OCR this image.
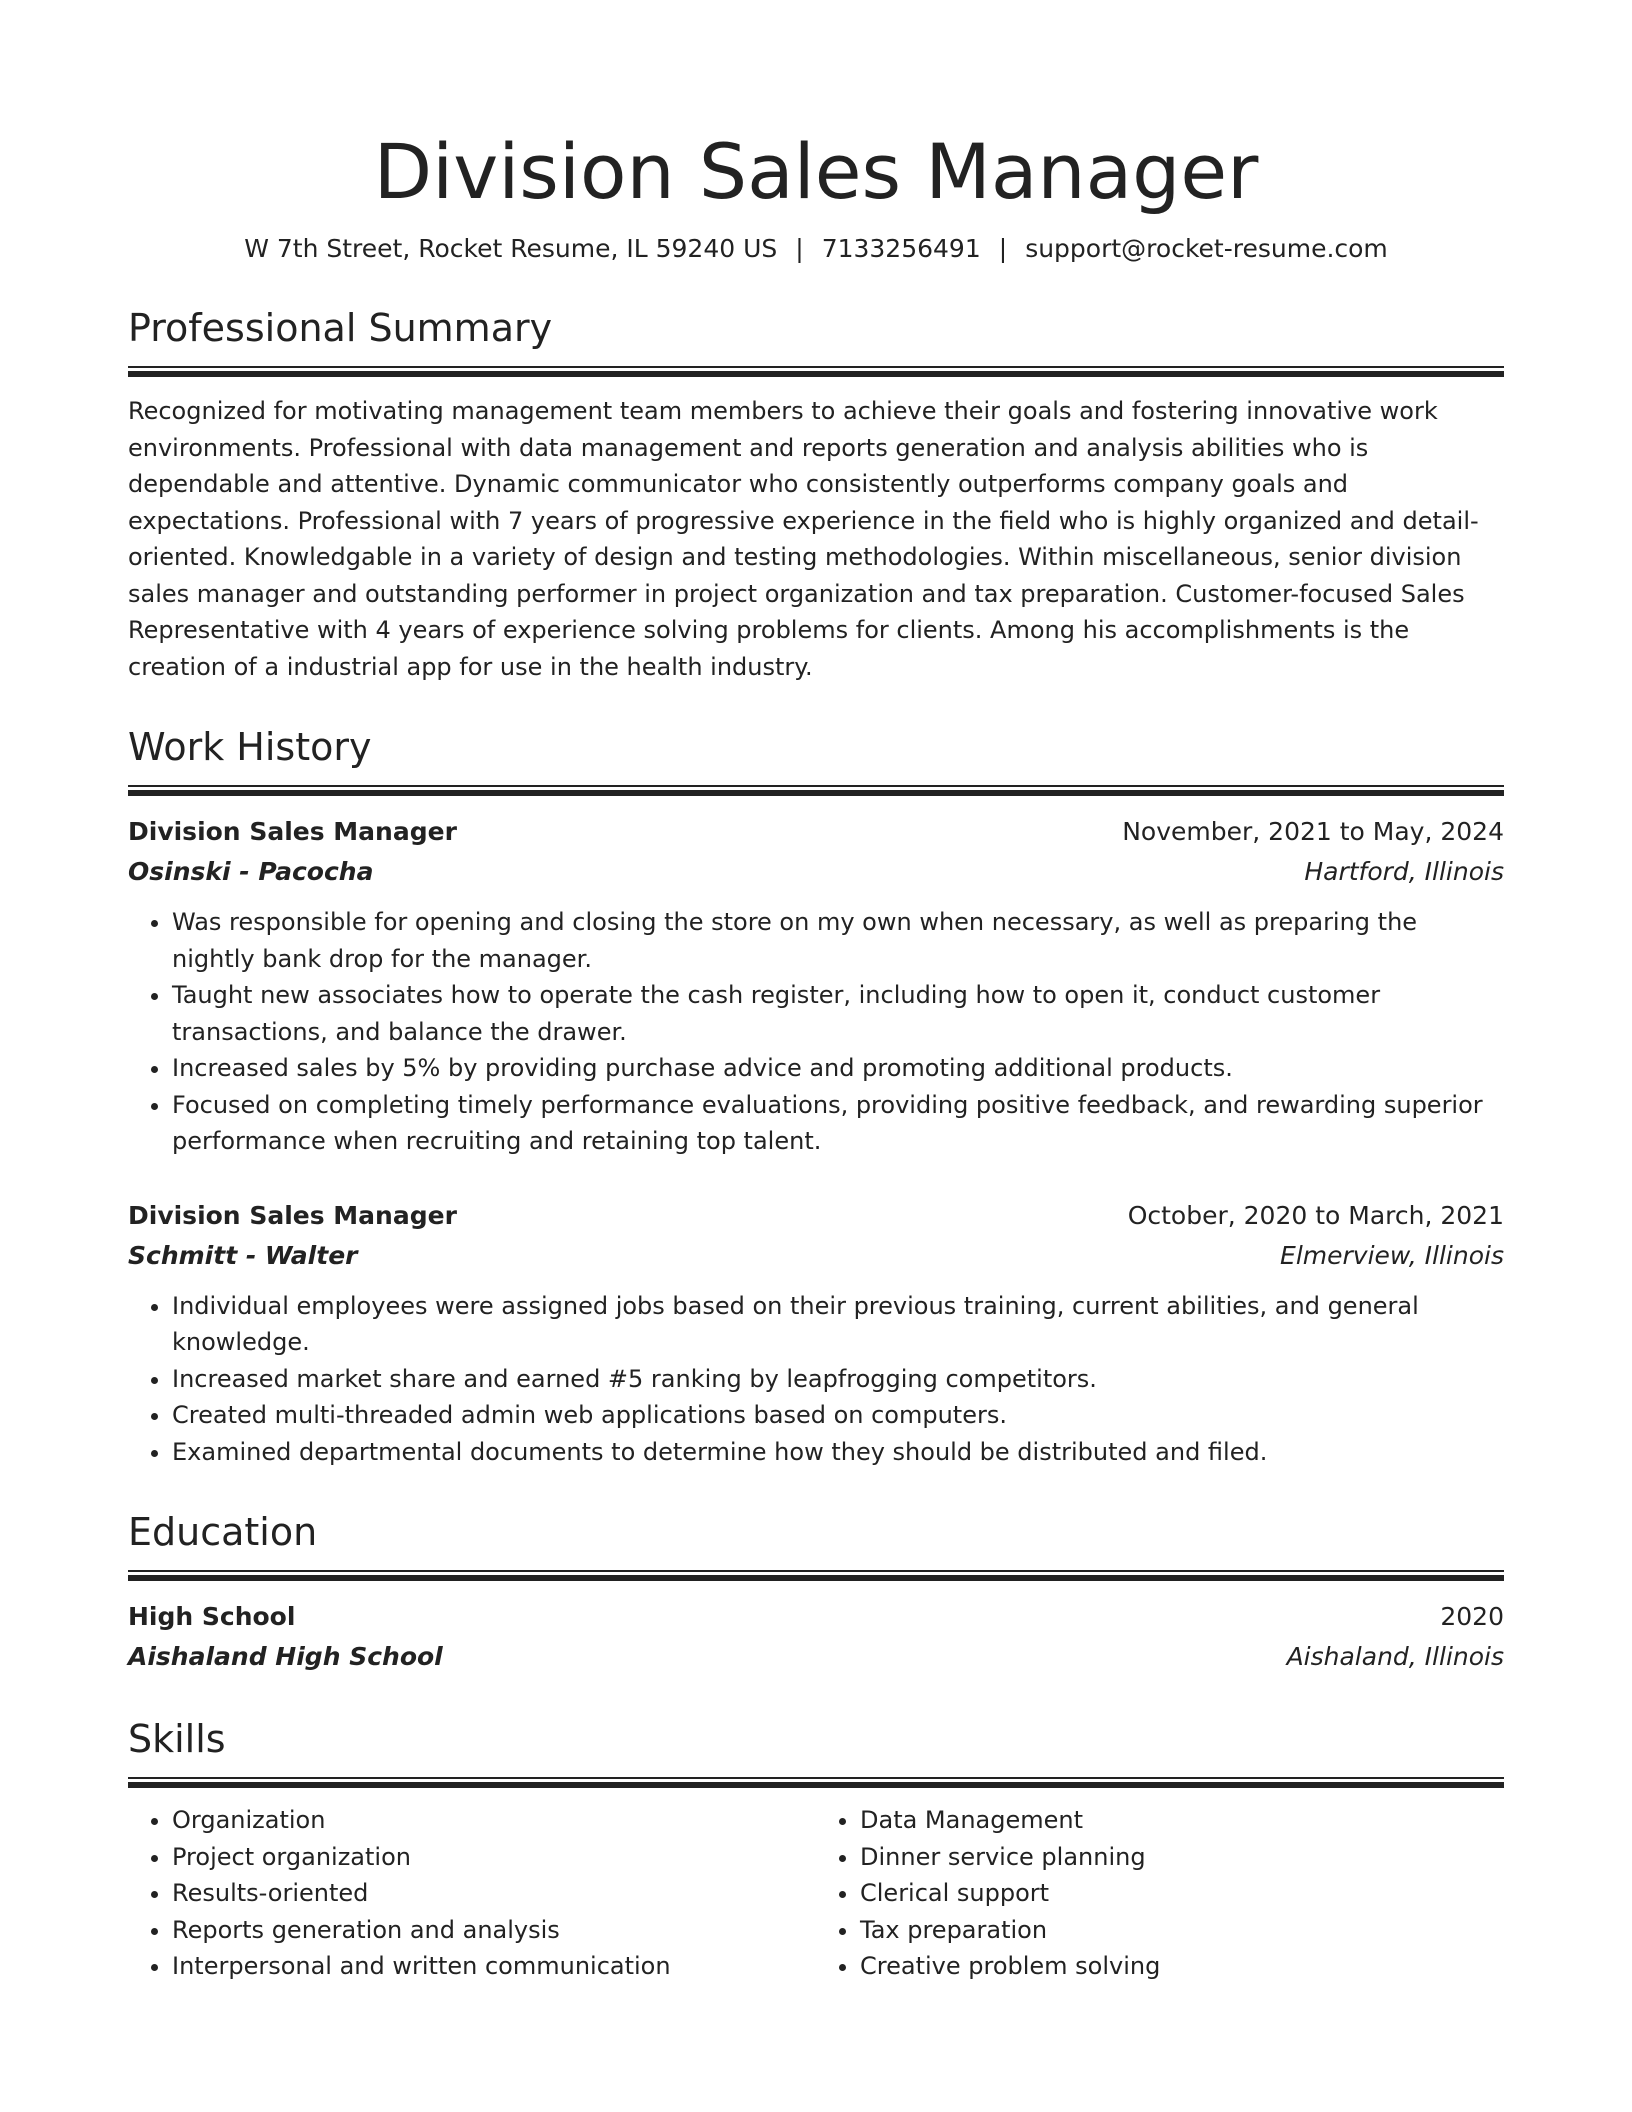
Division Sales Manager
W 7th Street, Rocket Resume, IL 59240 US | 7133256491 | support@rocket-resume.com
Professional Summary

Recognized for motivating management team members to achieve their goals and fostering innovative work environments. Professional with data management and reports generation and analysis abilities who is dependable and attentive. Dynamic communicator who consistently outperforms company goals and expectations. Professional with 7 years of progressive experience in the field who is highly organized and detail-oriented. Knowledgable in a variety of design and testing methodologies. Within miscellaneous, senior division sales manager and outstanding performer in project organization and tax preparation. Customer-focused Sales Representative with 4 years of experience solving problems for clients. Among his accomplishments is the creation of a industrial app for use in the health industry.

Work History
Division Sales Manager	November, 2021 to May, 2024
Osinski - Pacocha	Hartford, Illinois
• Was responsible for opening and closing the store on my own when necessary, as well as preparing the nightly bank drop for the manager.
• Taught new associates how to operate the cash register, including how to open it, conduct customer transactions, and balance the drawer.
• Increased sales by 5% by providing purchase advice and promoting additional products.
• Focused on completing timely performance evaluations, providing positive feedback, and rewarding superior performance when recruiting and retaining top talent.
Division Sales Manager	October, 2020 to March, 2021
Schmitt - Walter	Elmerview, Illinois
• Individual employees were assigned jobs based on their previous training, current abilities, and general knowledge.
• Increased market share and earned #5 ranking by leapfrogging competitors.
• Created multi-threaded admin web applications based on computers.
• Examined departmental documents to determine how they should be distributed and filed.
Education
High School	2020
Aishaland High School	Aishaland, Illinois
Skills
• Organization
• Project organization
• Results-oriented
• Reports generation and analysis
• Interpersonal and written communication
• Data Management
• Dinner service planning
• Clerical support
• Tax preparation
• Creative problem solving
